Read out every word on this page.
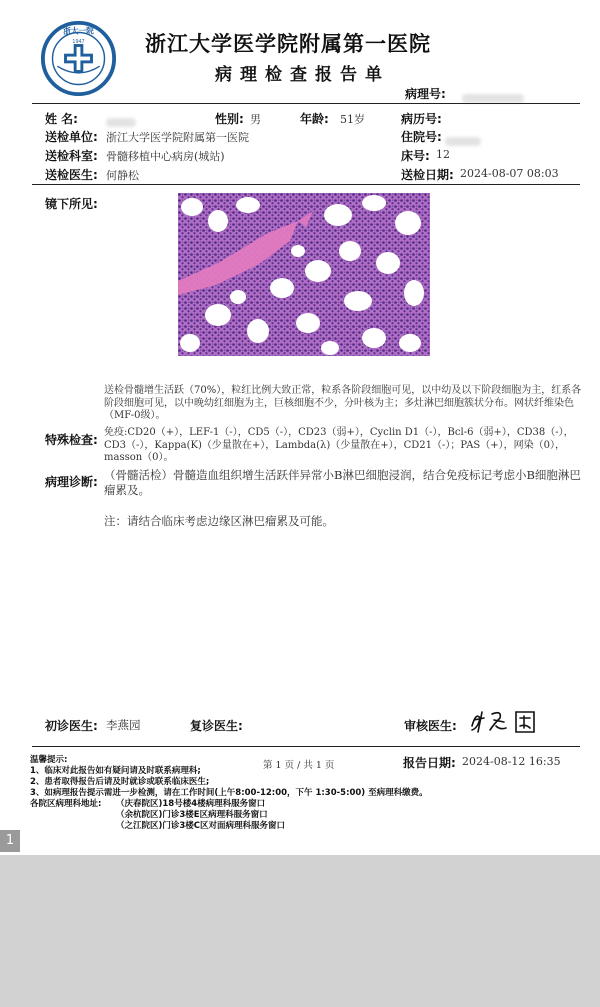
浙大一院
1947	浙江大学医学院附属第一医院
病理检查报告单
病理号:
姓 名:	性别: 男	年龄: 51岁	病历号:
送检单位: 浙江大学医学院附属第一医院	住院号:
送检科室: 骨髓移植中心病房(城站)	床号: 12
送检医生: 何静松	送检日期: 2024-08-07 08:03
镜下所见:
送检骨髓增生活跃（70%），粒红比例大致正常，粒系各阶段细胞可见，以中幼及以下阶段细胞为主，红系各阶段细胞可见，以中晚幼红细胞为主，巨核细胞不少，分叶核为主；多灶淋巴细胞簇状分布。网状纤维染色（MF-0级）。
特殊检查:
免疫:CD20（+），LEF-1（-），CD5（-），CD23（弱+），Cyclin D1（-），Bcl-6（弱+），CD38（-），CD3（-），Kappa(K)（少量散在+），Lambda(λ)（少量散在+），CD21（-）；PAS（+），网染（0），masson（0）。
病理诊断: （骨髓活检）骨髓造血组织增生活跃伴异常小B淋巴细胞浸润，结合免疫标记考虑小B细胞淋巴瘤累及。
注：请结合临床考虑边缘区淋巴瘤累及可能。
初诊医生: 李燕园	复诊医生:	审核医生:
温馨提示:	第 1 页 / 共 1 页	报告日期: 2024-08-12 16:35
1、临床对此报告如有疑问请及时联系病理科;
2、患者取得报告后请及时就诊或联系临床医生;
3、如病理报告提示需进一步检测，请在工作时间(上午8:00-12:00，下午 1:30-5:00) 至病理科缴费。
各院区病理科地址: （庆春院区)18号楼4楼病理科服务窗口
（余杭院区)门诊3楼E区病理科服务窗口
（之江院区)门诊3楼C区对面病理科服务窗口
1
